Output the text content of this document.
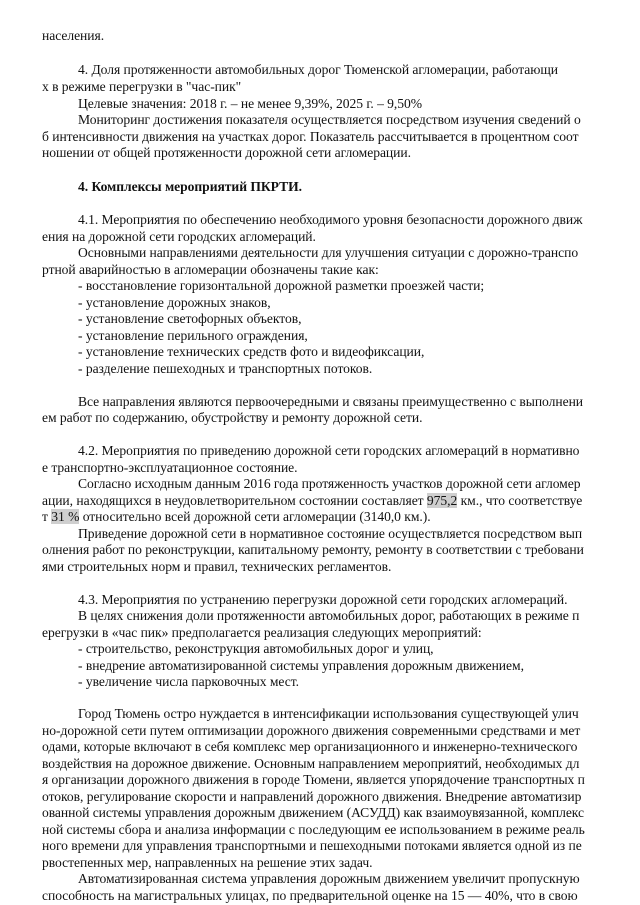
населения.
4. Доля протяженности автомобильных дорог Тюменской агломерации, работающи
х в режиме перегрузки в "час-пик"
Целевые значения: 2018 г. – не менее 9,39%, 2025 г. – 9,50%
Мониторинг достижения показателя осуществляется посредством изучения сведений о
б интенсивности движения на участках дорог. Показатель рассчитывается в процентном соот
ношении от общей протяженности дорожной сети агломерации.
4. Комплексы мероприятий ПКРТИ.
4.1. Мероприятия по обеспечению необходимого уровня безопасности дорожного движ
ения на дорожной сети городских агломераций.
Основными направлениями деятельности для улучшения ситуации с дорожно-транспо
ртной аварийностью в агломерации обозначены такие как:
- восстановление горизонтальной дорожной разметки проезжей части;
- установление дорожных знаков,
- установление светофорных объектов,
- установление перильного ограждения,
- установление технических средств фото и видеофиксации,
- разделение пешеходных и транспортных потоков.
Все направления являются первоочередными и связаны преимущественно с выполнени
ем работ по содержанию, обустройству и ремонту дорожной сети.
4.2. Мероприятия по приведению дорожной сети городских агломераций в нормативно
е транспортно-эксплуатационное состояние.
Согласно исходным данным 2016 года протяженность участков дорожной сети агломер
ации, находящихся в неудовлетворительном состоянии составляет 975,2 км., что соответствуе
т 31 % относительно всей дорожной сети агломерации (3140,0 км.).
Приведение дорожной сети в нормативное состояние осуществляется посредством вып
олнения работ по реконструкции, капитальному ремонту, ремонту в соответствии с требовани
ями строительных норм и правил, технических регламентов.
4.3. Мероприятия по устранению перегрузки дорожной сети городских агломераций.
В целях снижения доли протяженности автомобильных дорог, работающих в режиме п
ерегрузки в «час пик» предполагается реализация следующих мероприятий:
- строительство, реконструкция автомобильных дорог и улиц,
- внедрение автоматизированной системы управления дорожным движением,
- увеличение числа парковочных мест.
Город Тюмень остро нуждается в интенсификации использования существующей улич
но-дорожной сети путем оптимизации дорожного движения современными средствами и мет
одами, которые включают в себя комплекс мер организационного и инженерно-технического
воздействия на дорожное движение. Основным направлением мероприятий, необходимых дл
я организации дорожного движения в городе Тюмени, является упорядочение транспортных п
отоков, регулирование скорости и направлений дорожного движения. Внедрение автоматизир
ованной системы управления дорожным движением (АСУДД) как взаимоувязанной, комплекс
ной системы сбора и анализа информации с последующим ее использованием в режиме реаль
ного времени для управления транспортными и пешеходными потоками является одной из пе
рвостепенных мер, направленных на решение этих задач.
Автоматизированная система управления дорожным движением увеличит пропускную
способность на магистральных улицах, по предварительной оценке на 15 — 40%, что в свою
